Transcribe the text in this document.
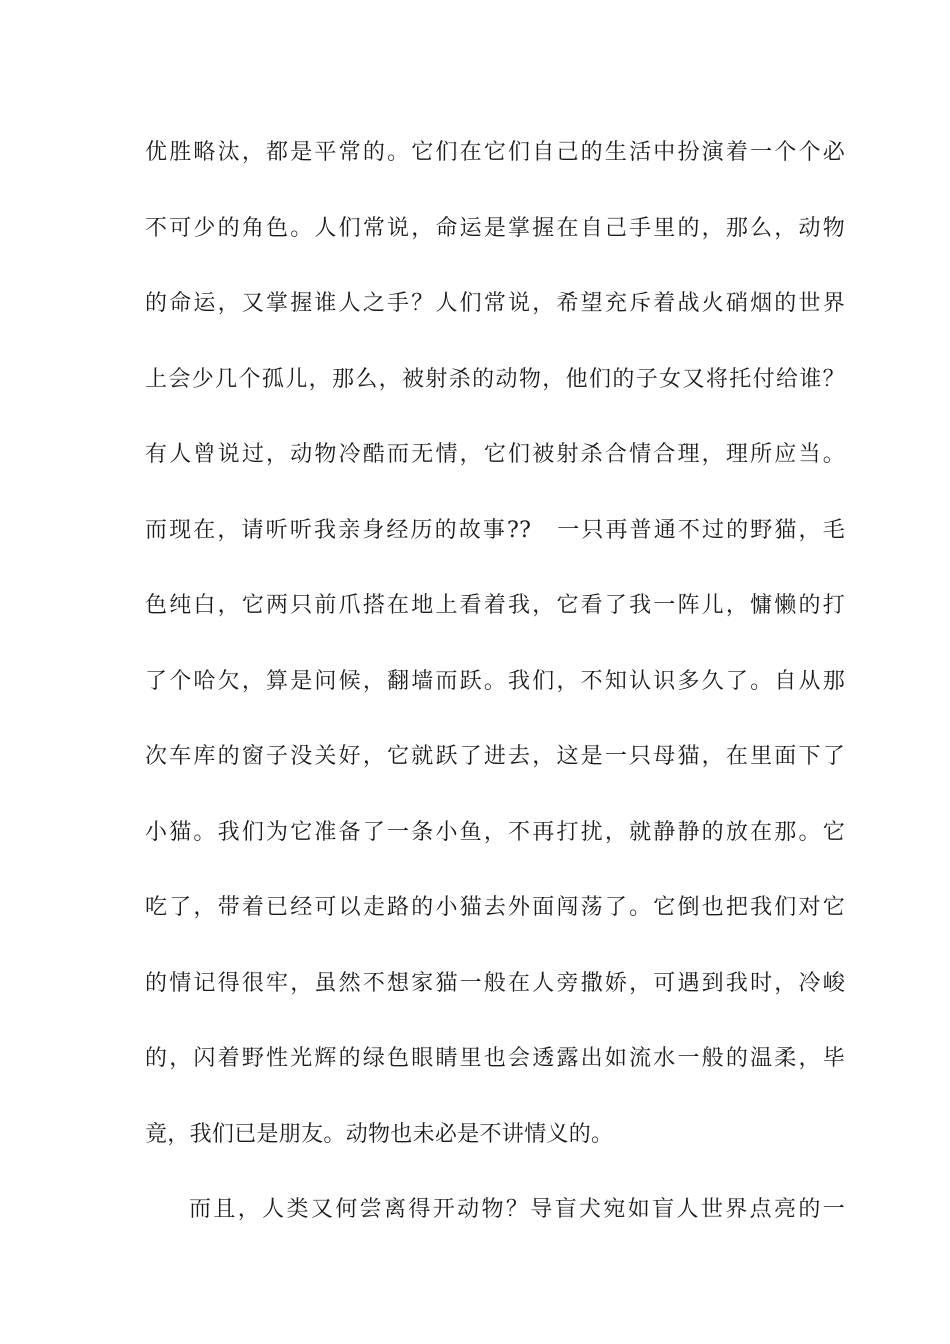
优胜略汰，都是平常的。它们在它们自己的生活中扮演着一个个必
不可少的角色。人们常说，命运是掌握在自己手里的，那么，动物
的命运，又掌握谁人之手？人们常说，希望充斥着战火硝烟的世界
上会少几个孤儿，那么，被射杀的动物，他们的子女又将托付给谁？
有人曾说过，动物冷酷而无情，它们被射杀合情合理，理所应当。
而现在，请听听我亲身经历的故事??　一只再普通不过的野猫，毛
色纯白，它两只前爪搭在地上看着我，它看了我一阵儿，慵懒的打
了个哈欠，算是问候，翻墙而跃。我们，不知认识多久了。自从那
次车库的窗子没关好，它就跃了进去，这是一只母猫，在里面下了
小猫。我们为它准备了一条小鱼，不再打扰，就静静的放在那。它
吃了，带着已经可以走路的小猫去外面闯荡了。它倒也把我们对它
的情记得很牢，虽然不想家猫一般在人旁撒娇，可遇到我时，冷峻
的，闪着野性光辉的绿色眼睛里也会透露出如流水一般的温柔，毕
竟，我们已是朋友。动物也未必是不讲情义的。
而且，人类又何尝离得开动物？导盲犬宛如盲人世界点亮的一
